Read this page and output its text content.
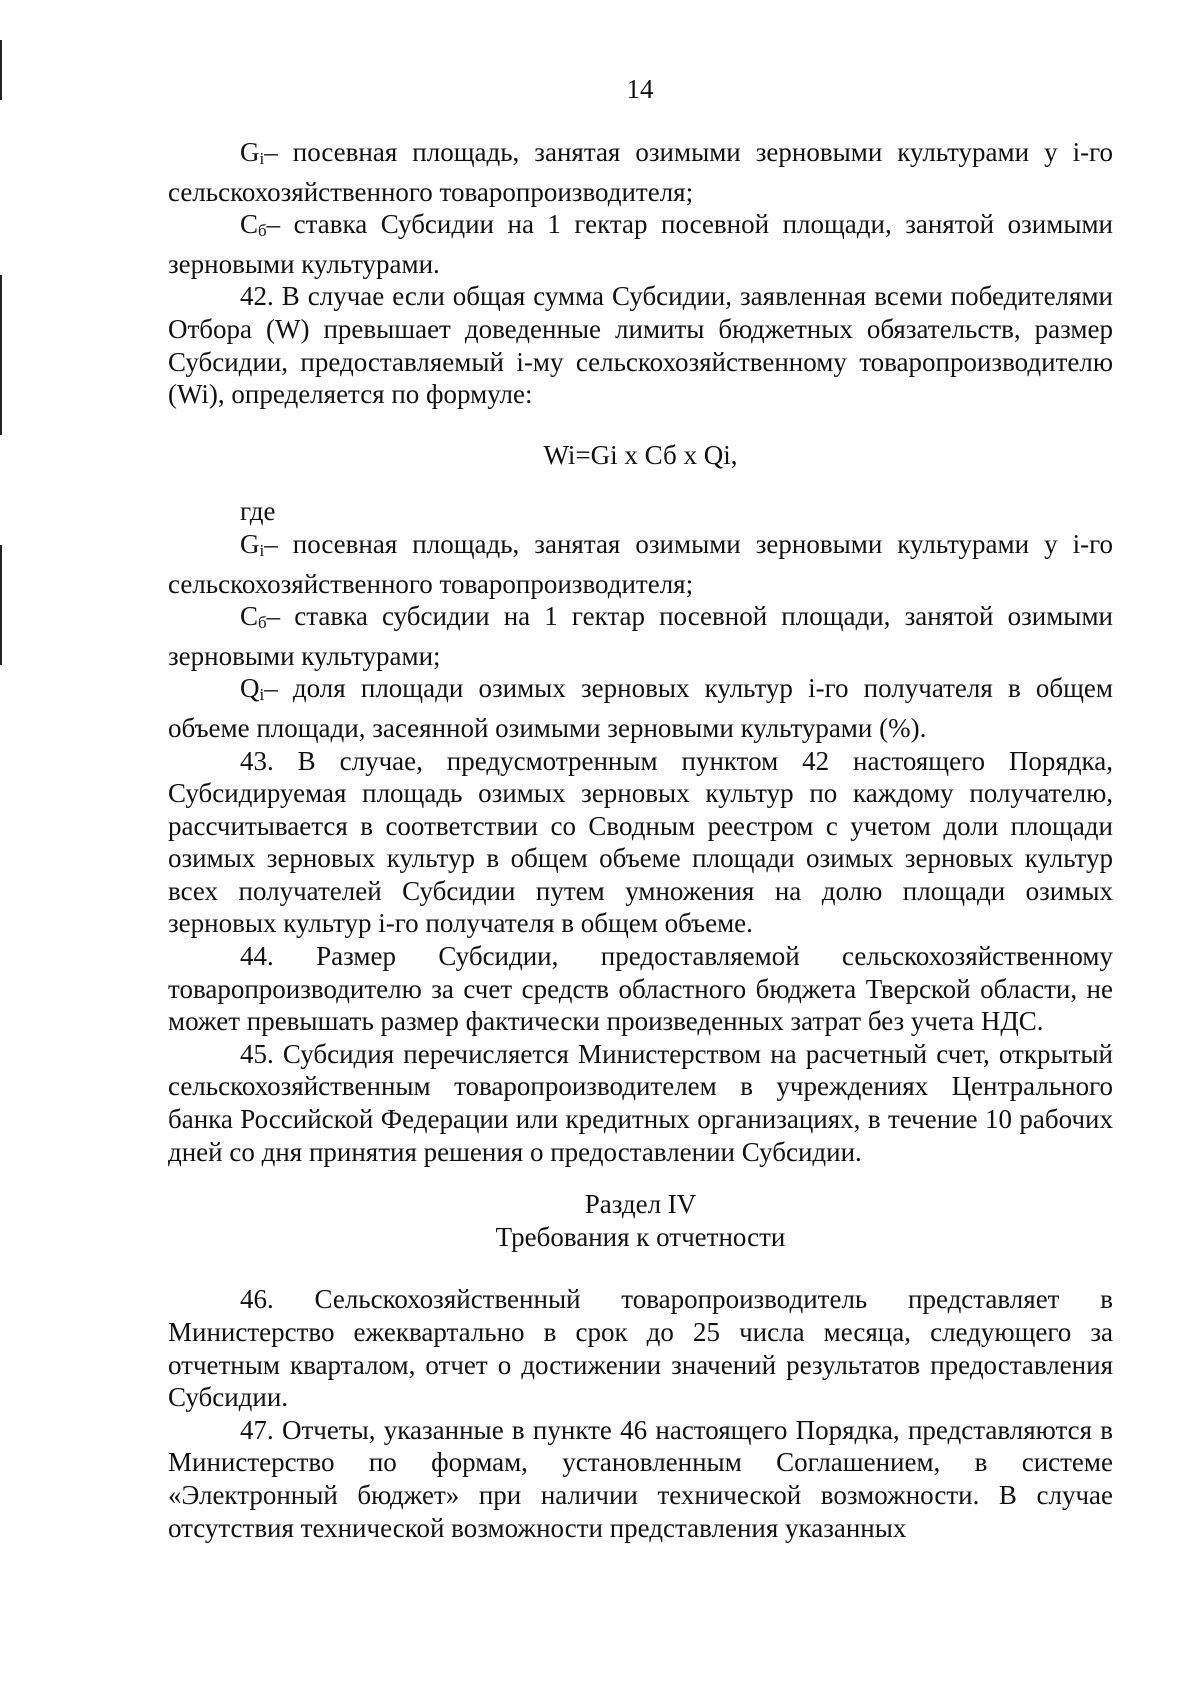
14

$G_i-$ посевная площадь, занятая озимыми зерновыми культурами у i-го сельскохозяйственного товаропроизводителя;

$С_б-$ ставка Субсидии на 1 гектар посевной площади, занятой озимыми зерновыми культурами.

42. В случае если общая сумма Субсидии, заявленная всеми победителями Отбора (W) превышает доведенные лимиты бюджетных обязательств, размер Субсидии, предоставляемый i-му сельскохозяйственному товаропроизводителю (Wi), определяется по формуле:

Wi=Gi х Сб х Qi,

где

$G_i-$ посевная площадь, занятая озимыми зерновыми культурами у i-го сельскохозяйственного товаропроизводителя;

$С_б-$ ставка субсидии на 1 гектар посевной площади, занятой озимыми зерновыми культурами;

$Q_i-$ доля площади озимых зерновых культур i-го получателя в общем объеме площади, засеянной озимыми зерновыми культурами (%).

43. В случае, предусмотренным пунктом 42 настоящего Порядка, Субсидируемая площадь озимых зерновых культур по каждому получателю, рассчитывается в соответствии со Сводным реестром с учетом доли площади озимых зерновых культур в общем объеме площади озимых зерновых культур всех получателей Субсидии путем умножения на долю площади озимых зерновых культур i-го получателя в общем объеме.

44. Размер Субсидии, предоставляемой сельскохозяйственному товаропроизводителю за счет средств областного бюджета Тверской области, не может превышать размер фактически произведенных затрат без учета НДС.

45. Субсидия перечисляется Министерством на расчетный счет, открытый сельскохозяйственным товаропроизводителем в учреждениях Центрального банка Российской Федерации или кредитных организациях, в течение 10 рабочих дней со дня принятия решения о предоставлении Субсидии.

Раздел IV
Требования к отчетности

46. Сельскохозяйственный товаропроизводитель представляет в Министерство ежеквартально в срок до 25 числа месяца, следующего за отчетным кварталом, отчет о достижении значений результатов предоставления Субсидии.

47. Отчеты, указанные в пункте 46 настоящего Порядка, представляются в Министерство по формам, установленным Соглашением, в системе «Электронный бюджет» при наличии технической возможности. В случае отсутствия технической возможности представления указанных
